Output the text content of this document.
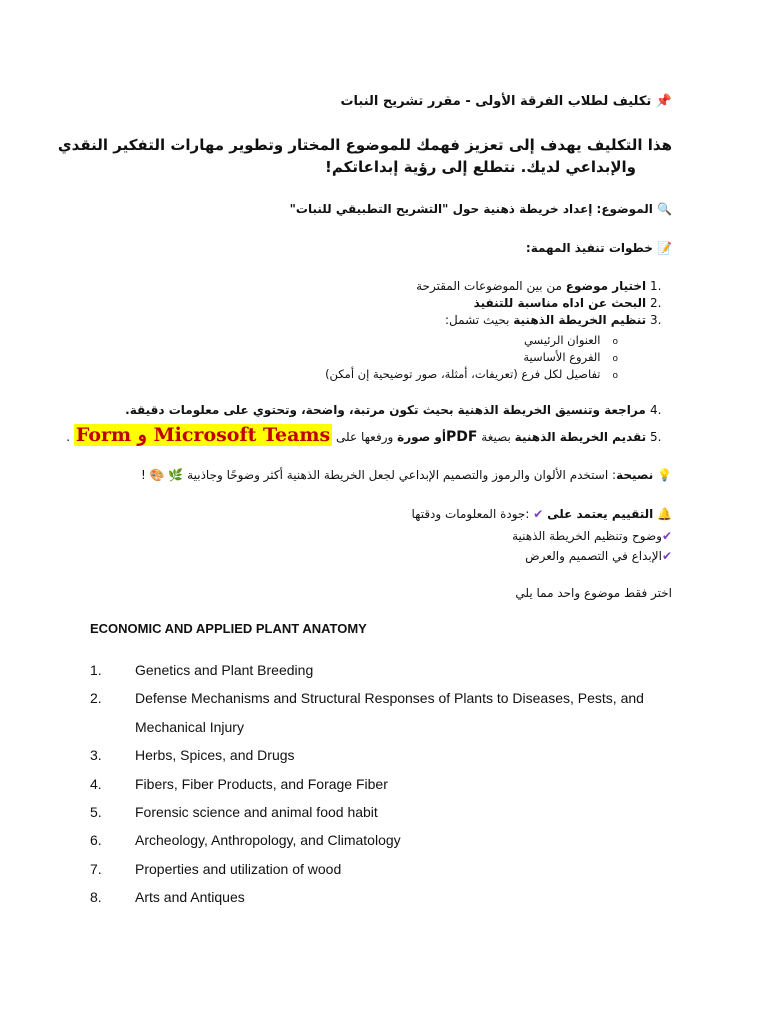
📌 تكليف لطلاب الفرقة الأولى - مقرر تشريح النبات
هذا التكليف يهدف إلى تعزيز فهمك للموضوع المختار وتطوير مهارات التفكير النقدي
والإبداعي لديك. نتطلع إلى رؤية إبداعاتكم!
🔍 الموضوع: إعداد خريطة ذهنية حول "التشريح التطبيقي للنبات"
📝 خطوات تنفيذ المهمة:
.1 اختيار موضوع من بين الموضوعات المقترحة
.2 البحث عن اداه مناسبة للتنفيذ
.3 تنظيم الخريطة الذهنية بحيث تشمل:
oالعنوان الرئيسي
oالفروع الأساسية
oتفاصيل لكل فرع (تعريفات، أمثلة، صور توضيحية إن أمكن)
.4 مراجعة وتنسيق الخريطة الذهنية بحيث تكون مرتبة، واضحة، وتحتوي على معلومات دقيقة.
.5 تقديم الخريطة الذهنية بصيغة PDFأو صورة ورفعها على Microsoft Teams و Form .
💡 نصيحة: استخدم الألوان والرموز والتصميم الإبداعي لجعل الخريطة الذهنية أكثر وضوحًا وجاذبية 🌿 🎨 !
🔔 التقييم يعتمد على ✔ :جودة المعلومات ودقتها
✔وضوح وتنظيم الخريطة الذهنية
✔الإبداع في التصميم والعرض
اختر فقط موضوع واحد مما يلي
ECONOMIC AND APPLIED PLANT ANATOMY
1.	Genetics and Plant Breeding
2.	Defense Mechanisms and Structural Responses of Plants to Diseases, Pests, and Mechanical Injury
3.	Herbs, Spices, and Drugs
4.	Fibers, Fiber Products, and Forage Fiber
5.	Forensic science and animal food habit
6.	Archeology, Anthropology, and Climatology
7.	Properties and utilization of wood
8.	Arts and Antiques
